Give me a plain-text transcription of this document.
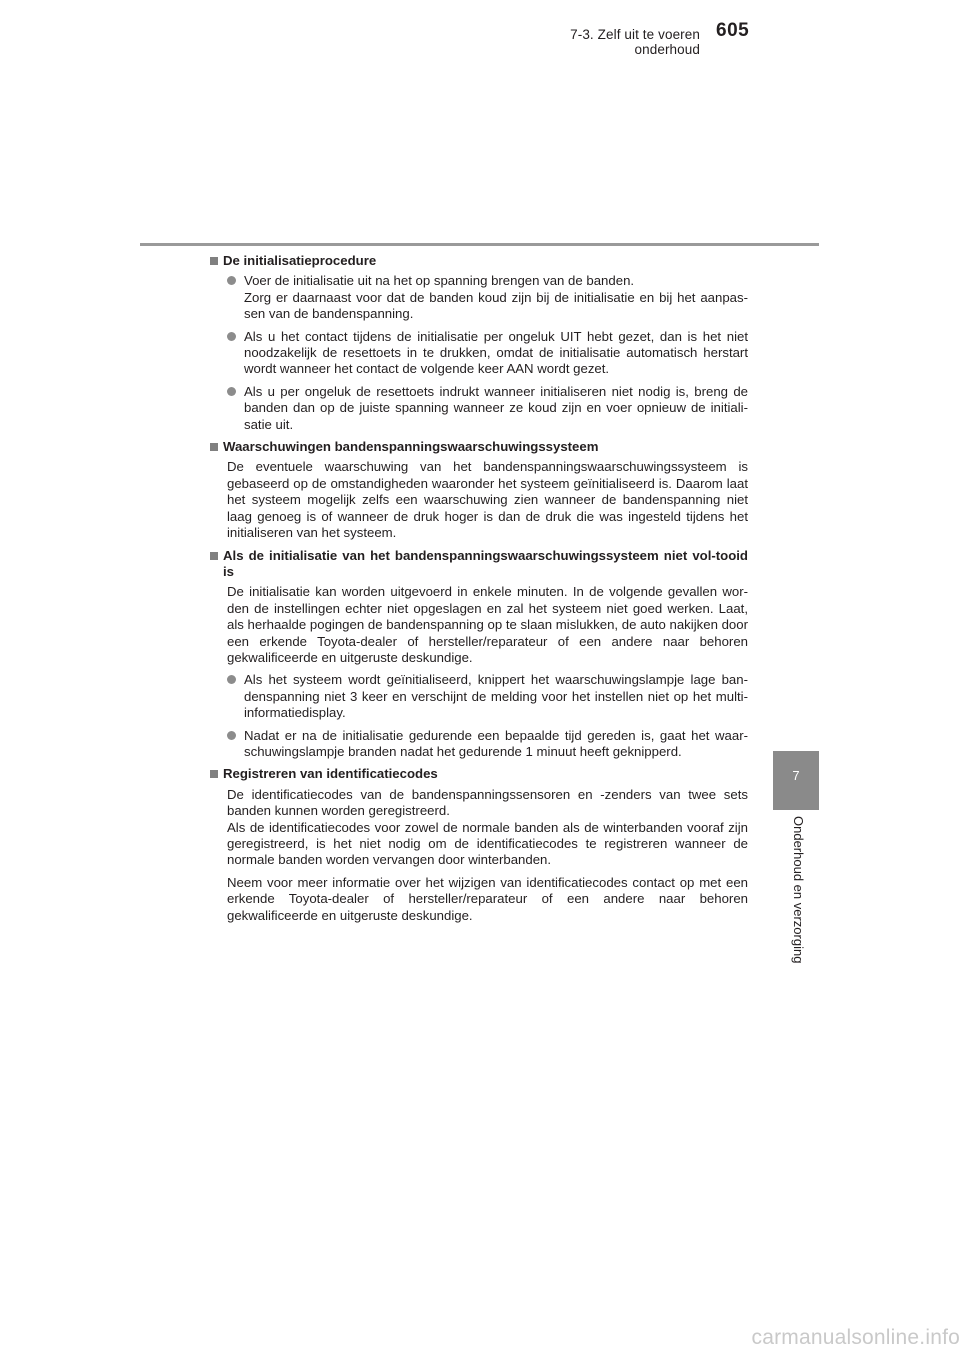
7-3. Zelf uit te voeren onderhoud
605
7
Onderhoud en verzorging
De initialisatieprocedure
Voer de initialisatie uit na het op spanning brengen van de banden.
Zorg er daarnaast voor dat de banden koud zijn bij de initialisatie en bij het aanpas-sen van de bandenspanning.
Als u het contact tijdens de initialisatie per ongeluk UIT hebt gezet, dan is het niet noodzakelijk de resettoets in te drukken, omdat de initialisatie automatisch herstart wordt wanneer het contact de volgende keer AAN wordt gezet.
Als u per ongeluk de resettoets indrukt wanneer initialiseren niet nodig is, breng de banden dan op de juiste spanning wanneer ze koud zijn en voer opnieuw de initiali-satie uit.
Waarschuwingen bandenspanningswaarschuwingssysteem

De eventuele waarschuwing van het bandenspanningswaarschuwingssysteem is gebaseerd op de omstandigheden waaronder het systeem geïnitialiseerd is. Daarom laat het systeem mogelijk zelfs een waarschuwing zien wanneer de bandenspanning niet laag genoeg is of wanneer de druk hoger is dan de druk die was ingesteld tijdens het initialiseren van het systeem.

Als de initialisatie van het bandenspanningswaarschuwingssysteem niet vol-tooid is

De initialisatie kan worden uitgevoerd in enkele minuten. In de volgende gevallen wor-den de instellingen echter niet opgeslagen en zal het systeem niet goed werken. Laat, als herhaalde pogingen de bandenspanning op te slaan mislukken, de auto nakijken door een erkende Toyota-dealer of hersteller/reparateur of een andere naar behoren gekwalificeerde en uitgeruste deskundige.

Als het systeem wordt geïnitialiseerd, knippert het waarschuwingslampje lage ban-denspanning niet 3 keer en verschijnt de melding voor het instellen niet op het multi-informatiedisplay.
Nadat er na de initialisatie gedurende een bepaalde tijd gereden is, gaat het waar-schuwingslampje branden nadat het gedurende 1 minuut heeft geknipperd.
Registreren van identificatiecodes

De identificatiecodes van de bandenspanningssensoren en -zenders van twee sets banden kunnen worden geregistreerd.
Als de identificatiecodes voor zowel de normale banden als de winterbanden vooraf zijn geregistreerd, is het niet nodig om de identificatiecodes te registreren wanneer de normale banden worden vervangen door winterbanden.

Neem voor meer informatie over het wijzigen van identificatiecodes contact op met een erkende Toyota-dealer of hersteller/reparateur of een andere naar behoren gekwalificeerde en uitgeruste deskundige.

carmanualsonline.info
